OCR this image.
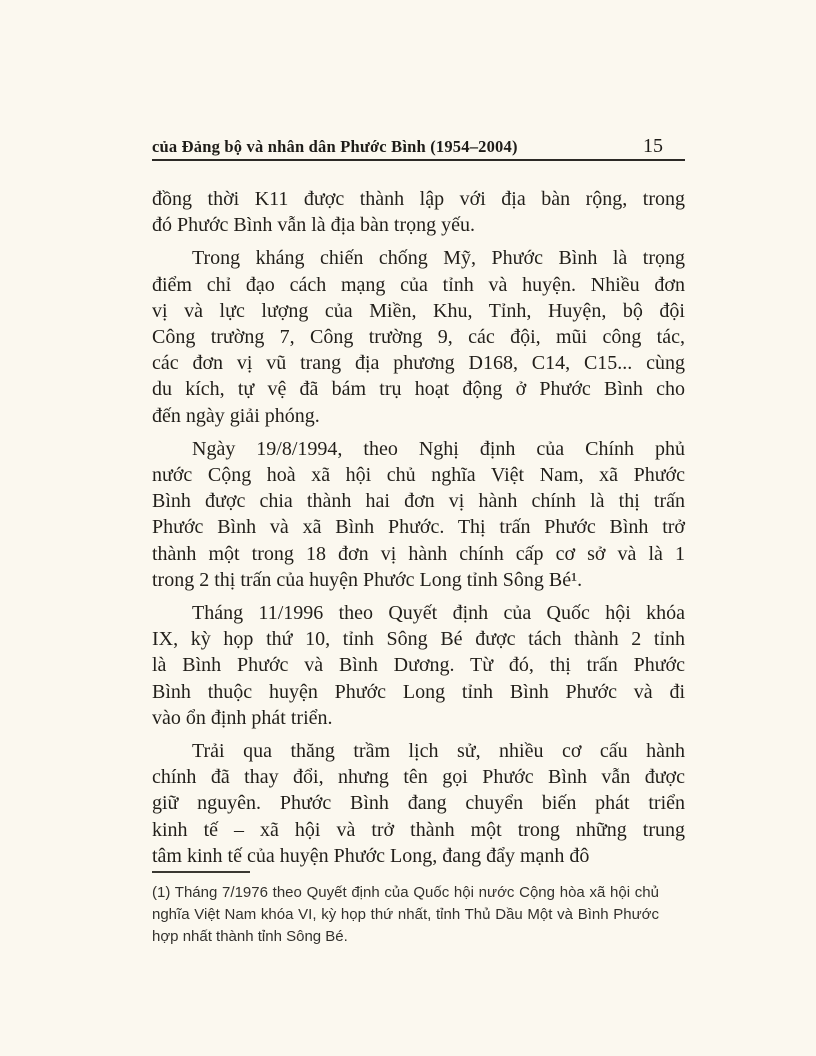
của Đảng bộ và nhân dân Phước Bình (1954–2004)	15
đồng thời K11 được thành lập với địa bàn rộng, trong
đó Phước Bình vẫn là địa bàn trọng yếu.
Trong kháng chiến chống Mỹ, Phước Bình là trọng
điểm chỉ đạo cách mạng của tỉnh và huyện. Nhiều đơn
vị và lực lượng của Miền, Khu, Tỉnh, Huyện, bộ đội
Công trường 7, Công trường 9, các đội, mũi công tác,
các đơn vị vũ trang địa phương D168, C14, C15... cùng
du kích, tự vệ đã bám trụ hoạt động ở Phước Bình cho
đến ngày giải phóng.
Ngày 19/8/1994, theo Nghị định của Chính phủ
nước Cộng hoà xã hội chủ nghĩa Việt Nam, xã Phước
Bình được chia thành hai đơn vị hành chính là thị trấn
Phước Bình và xã Bình Phước. Thị trấn Phước Bình trở
thành một trong 18 đơn vị hành chính cấp cơ sở và là 1
trong 2 thị trấn của huyện Phước Long tỉnh Sông Bé¹.
Tháng 11/1996 theo Quyết định của Quốc hội khóa
IX, kỳ họp thứ 10, tỉnh Sông Bé được tách thành 2 tỉnh
là Bình Phước và Bình Dương. Từ đó, thị trấn Phước
Bình thuộc huyện Phước Long tỉnh Bình Phước và đi
vào ổn định phát triển.
Trải qua thăng trầm lịch sử, nhiều cơ cấu hành
chính đã thay đổi, nhưng tên gọi Phước Bình vẫn được
giữ nguyên. Phước Bình đang chuyển biến phát triển
kinh tế – xã hội và trở thành một trong những trung
tâm kinh tế của huyện Phước Long, đang đẩy mạnh đô
(1) Tháng 7/1976 theo Quyết định của Quốc hội nước Cộng hòa xã hội chủ
nghĩa Việt Nam khóa VI, kỳ họp thứ nhất, tỉnh Thủ Dầu Một và Bình Phước
hợp nhất thành tỉnh Sông Bé.
